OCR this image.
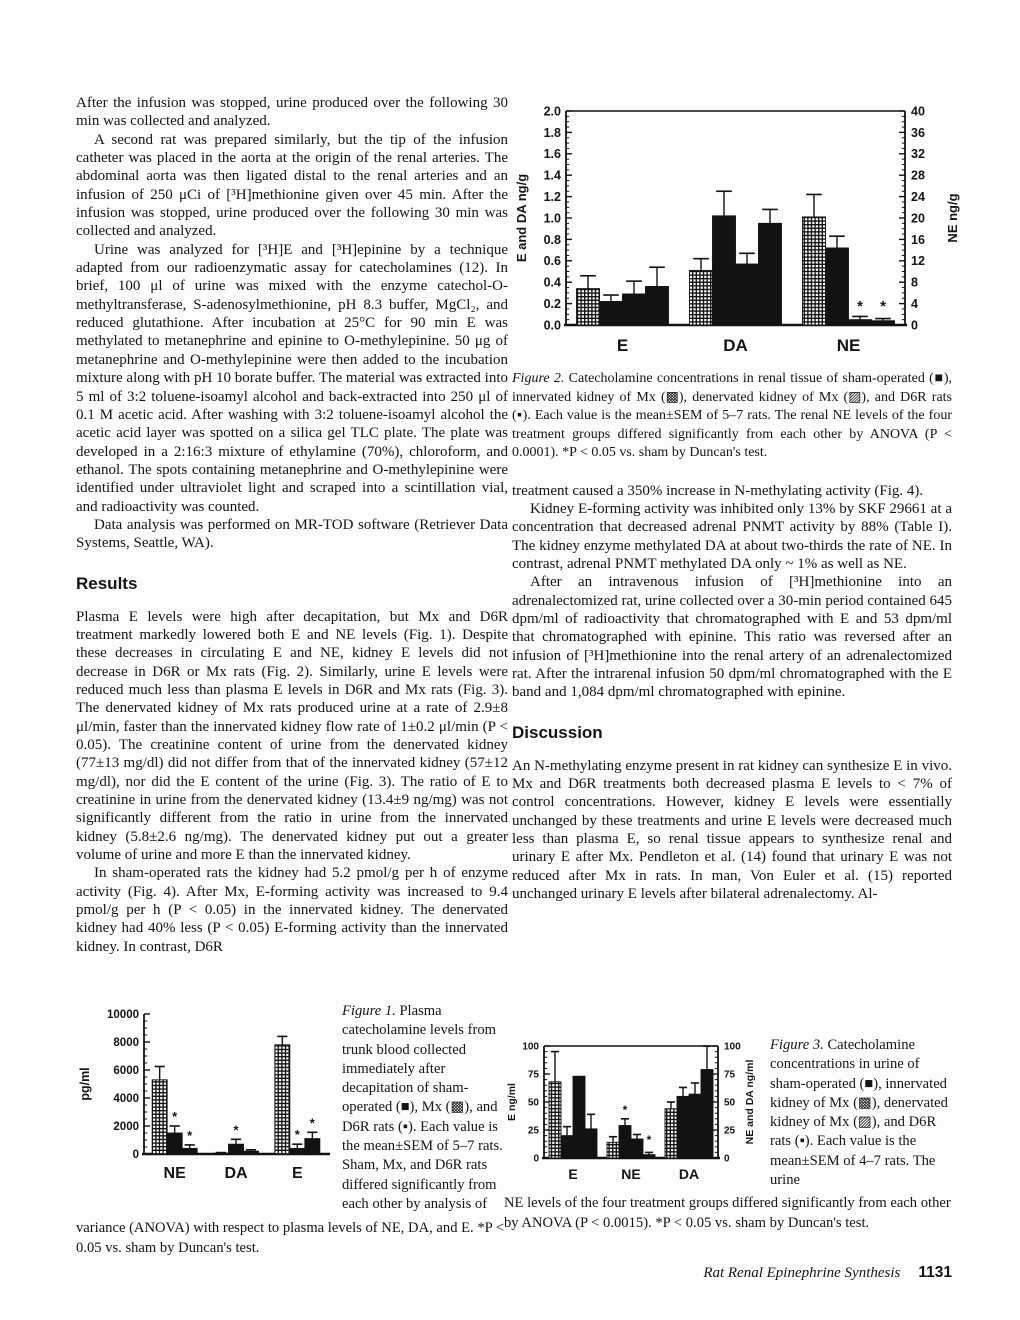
After the infusion was stopped, urine produced over the following 30 min was collected and analyzed.

A second rat was prepared similarly, but the tip of the infusion catheter was placed in the aorta at the origin of the renal arteries. The abdominal aorta was then ligated distal to the renal arteries and an infusion of 250 μCi of [³H]methionine given over 45 min. After the infusion was stopped, urine produced over the following 30 min was collected and analyzed.

Urine was analyzed for [³H]E and [³H]epinine by a technique adapted from our radioenzymatic assay for catecholamines (12). In brief, 100 μl of urine was mixed with the enzyme catechol-O-methyltransferase, S-adenosylmethionine, pH 8.3 buffer, MgCl₂, and reduced glutathione. After incubation at 25°C for 90 min E was methylated to metanephrine and epinine to O-methylepinine. 50 μg of metanephrine and O-methylepinine were then added to the incubation mixture along with pH 10 borate buffer. The material was extracted into 5 ml of 3:2 toluene-isoamyl alcohol and back-extracted into 250 μl of 0.1 M acetic acid. After washing with 3:2 toluene-isoamyl alcohol the acetic acid layer was spotted on a silica gel TLC plate. The plate was developed in a 2:16:3 mixture of ethylamine (70%), chloroform, and ethanol. The spots containing metanephrine and O-methylepinine were identified under ultraviolet light and scraped into a scintillation vial, and radioactivity was counted.

Data analysis was performed on MR-TOD software (Retriever Data Systems, Seattle, WA).

Results

Plasma E levels were high after decapitation, but Mx and D6R treatment markedly lowered both E and NE levels (Fig. 1). Despite these decreases in circulating E and NE, kidney E levels did not decrease in D6R or Mx rats (Fig. 2). Similarly, urine E levels were reduced much less than plasma E levels in D6R and Mx rats (Fig. 3). The denervated kidney of Mx rats produced urine at a rate of 2.9±8 μl/min, faster than the innervated kidney flow rate of 1±0.2 μl/min (P < 0.05). The creatinine content of urine from the denervated kidney (77±13 mg/dl) did not differ from that of the innervated kidney (57±12 mg/dl), nor did the E content of the urine (Fig. 3). The ratio of E to creatinine in urine from the denervated kidney (13.4±9 ng/mg) was not significantly different from the ratio in urine from the innervated kidney (5.8±2.6 ng/mg). The denervated kidney put out a greater volume of urine and more E than the innervated kidney.

In sham-operated rats the kidney had 5.2 pmol/g per h of enzyme activity (Fig. 4). After Mx, E-forming activity was increased to 9.4 pmol/g per h (P < 0.05) in the innervated kidney. The denervated kidney had 40% less (P < 0.05) E-forming activity than the innervated kidney. In contrast, D6R

0.0
0.2
0.4
0.6
0.8
1.0
1.2
1.4
1.6
1.8
2.0
0
4
8
12
16
20
24
28
32
36
40
E and DA ng/g	NE ng/g
E	DA	NE
* *
Figure 2. Catecholamine concentrations in renal tissue of sham-operated (■), innervated kidney of Mx (▩), denervated kidney of Mx (▨), and D6R rats (▪). Each value is the mean±SEM of 5–7 rats. The renal NE levels of the four treatment groups differed significantly from each other by ANOVA (P < 0.0001). *P < 0.05 vs. sham by Duncan's test.

treatment caused a 350% increase in N-methylating activity (Fig. 4).

Kidney E-forming activity was inhibited only 13% by SKF 29661 at a concentration that decreased adrenal PNMT activity by 88% (Table I). The kidney enzyme methylated DA at about two-thirds the rate of NE. In contrast, adrenal PNMT methylated DA only ~ 1% as well as NE.

After an intravenous infusion of [³H]methionine into an adrenalectomized rat, urine collected over a 30-min period contained 645 dpm/ml of radioactivity that chromatographed with E and 53 dpm/ml that chromatographed with epinine. This ratio was reversed after an infusion of [³H]methionine into the renal artery of an adrenalectomized rat. After the intrarenal infusion 50 dpm/ml chromatographed with the E band and 1,084 dpm/ml chromatographed with epinine.

Discussion

An N-methylating enzyme present in rat kidney can synthesize E in vivo. Mx and D6R treatments both decreased plasma E levels to < 7% of control concentrations. However, kidney E levels were essentially unchanged by these treatments and urine E levels were decreased much less than plasma E, so renal tissue appears to synthesize renal and urinary E after Mx. Pendleton et al. (14) found that urinary E was not reduced after Mx in rats. In man, Von Euler et al. (15) reported unchanged urinary E levels after bilateral adrenalectomy. Al-

0
2000
4000
6000
8000
10000
pg/ml
NE DA	E
*
*	*	*
*
Figure 1. Plasma catecholamine levels from trunk blood collected immediately after decapitation of sham-operated (■), Mx (▩), and D6R rats (▪). Each value is the mean±SEM of 5–7 rats. Sham, Mx, and D6R rats differed significantly from each other by analysis of
variance (ANOVA) with respect to plasma levels of NE, DA, and E. *P < 0.05 vs. sham by Duncan's test.
0
25
50
75
100
0
25
50
75
100
E ng/ml	NE and DA ng/ml
E	NE	DA
*
*
Figure 3. Catecholamine concentrations in urine of sham-operated (■), innervated kidney of Mx (▩), denervated kidney of Mx (▨), and D6R rats (▪). Each value is the mean±SEM of 4–7 rats. The urine
NE levels of the four treatment groups differed significantly from each other by ANOVA (P < 0.0015). *P < 0.05 vs. sham by Duncan's test.
Rat Renal Epinephrine Synthesis 1131
